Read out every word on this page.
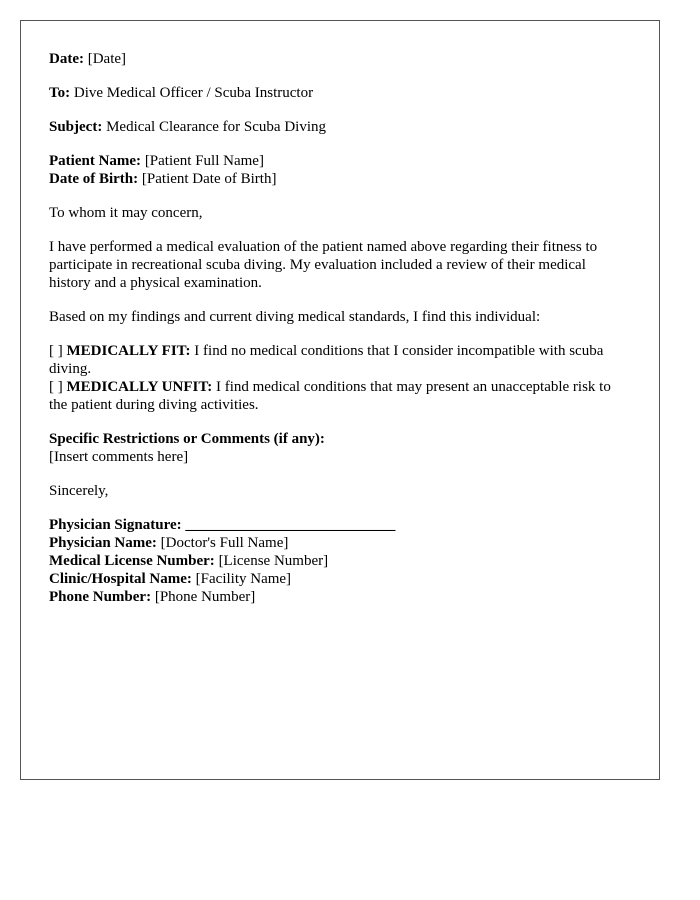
Date: [Date]

To: Dive Medical Officer / Scuba Instructor

Subject: Medical Clearance for Scuba Diving

Patient Name: [Patient Full Name]
Date of Birth: [Patient Date of Birth]

To whom it may concern,

I have performed a medical evaluation of the patient named above regarding their fitness to participate in recreational scuba diving. My evaluation included a review of their medical history and a physical examination.

Based on my findings and current diving medical standards, I find this individual:

[ ] MEDICALLY FIT: I find no medical conditions that I consider incompatible with scuba diving.
[ ] MEDICALLY UNFIT: I find medical conditions that may present an unacceptable risk to the patient during diving activities.

Specific Restrictions or Comments (if any):
[Insert comments here]

Sincerely,

Physician Signature: ____________________________
Physician Name: [Doctor's Full Name]
Medical License Number: [License Number]
Clinic/Hospital Name: [Facility Name]
Phone Number: [Phone Number]
